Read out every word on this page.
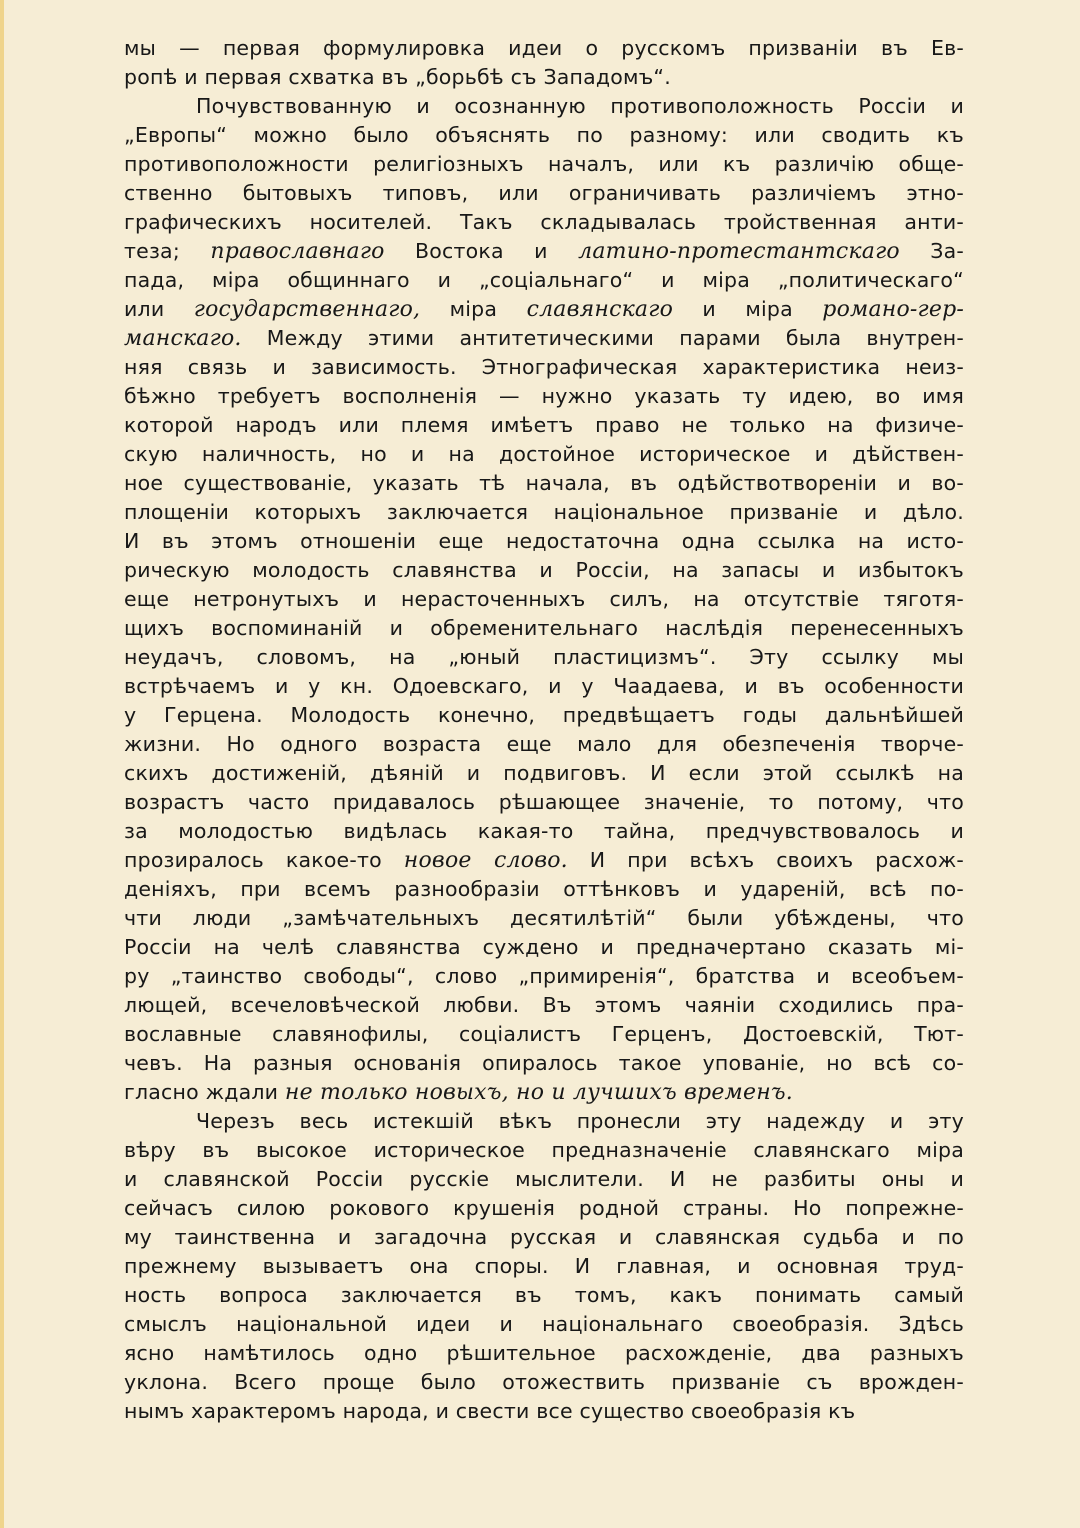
мы — первая формулировка идеи о русскомъ призванiи въ Ев-
ропѣ и первая схватка въ „борьбѣ съ Западомъ“.
Почувствованную и осознанную противоположность Россiи и
„Европы“ можно было объяснять по разному: или сводить къ
противоположности религiозныхъ началъ, или къ различiю обще-
ственно бытовыхъ типовъ, или ограничивать различiемъ этно-
графическихъ носителей. Такъ складывалась тройственная анти-
теза; православнаго Востока и латино-протестантскаго За-
пада, мiра общиннаго и „соцiальнаго“ и мiра „политическаго“
или государственнаго, мiра славянскаго и мiра романо-гер-
манскаго. Между этими антитетическими парами была внутрен-
няя связь и зависимость. Этнографическая характеристика неиз-
бѣжно требуетъ восполненiя — нужно указать ту идею, во имя
которой народъ или племя имѣетъ право не только на физиче-
скую наличность, но и на достойное историческое и дѣйствен-
ное существованiе, указать тѣ начала, въ одѣйствотворенiи и во-
площенiи которыхъ заключается нацiональное призванiе и дѣло.
И въ этомъ отношенiи еще недостаточна одна ссылка на исто-
рическую молодость славянства и Россiи, на запасы и избытокъ
еще нетронутыхъ и нерасточенныхъ силъ, на отсутствiе тяготя-
щихъ воспоминанiй и обременительнаго наслѣдiя перенесенныхъ
неудачъ, словомъ, на „юный пластицизмъ“. Эту ссылку мы
встрѣчаемъ и у кн. Одоевскаго, и у Чаадаева, и въ особенности
у Герцена. Молодость конечно, предвѣщаетъ годы дальнѣйшей
жизни. Но одного возраста еще мало для обезпеченiя творче-
скихъ достиженiй, дѣянiй и подвиговъ. И если этой ссылкѣ на
возрастъ часто придавалось рѣшающее значенiе, то потому, что
за молодостью видѣлась какая-то тайна, предчувствовалось и
прозиралось какое-то новое слово. И при всѣхъ своихъ расхож-
денiяхъ, при всемъ разнообразiи оттѣнковъ и ударенiй, всѣ по-
чти люди „замѣчательныхъ десятилѣтiй“ были убѣждены, что
Россiи на челѣ славянства суждено и предначертано сказать мi-
ру „таинство свободы“, слово „примиренiя“, братства и всеобъем-
лющей, всечеловѣческой любви. Въ этомъ чаянiи сходились пра-
вославные славянофилы, соцiалистъ Герценъ, Достоевскiй, Тют-
чевъ. На разныя основанiя опиралось такое упованiе, но всѣ со-
гласно ждали не только новыхъ, но и лучшихъ временъ.
Черезъ весь истекшiй вѣкъ пронесли эту надежду и эту
вѣру въ высокое историческое предназначенiе славянскаго мiра
и славянской Россiи русскiе мыслители. И не разбиты оны и
сейчасъ силою рокового крушенiя родной страны. Но попрежне-
му таинственна и загадочна русская и славянская судьба и по
прежнему вызываетъ она споры. И главная, и основная труд-
ность вопроса заключается въ томъ, какъ понимать самый
смыслъ нацiональной идеи и нацiональнаго своеобразiя. Здѣсь
ясно намѣтилось одно рѣшительное расхожденiе, два разныхъ
уклона. Всего проще было отожествить призванiе съ врожден-
нымъ характеромъ народа, и свести все существо своеобразiя къ
